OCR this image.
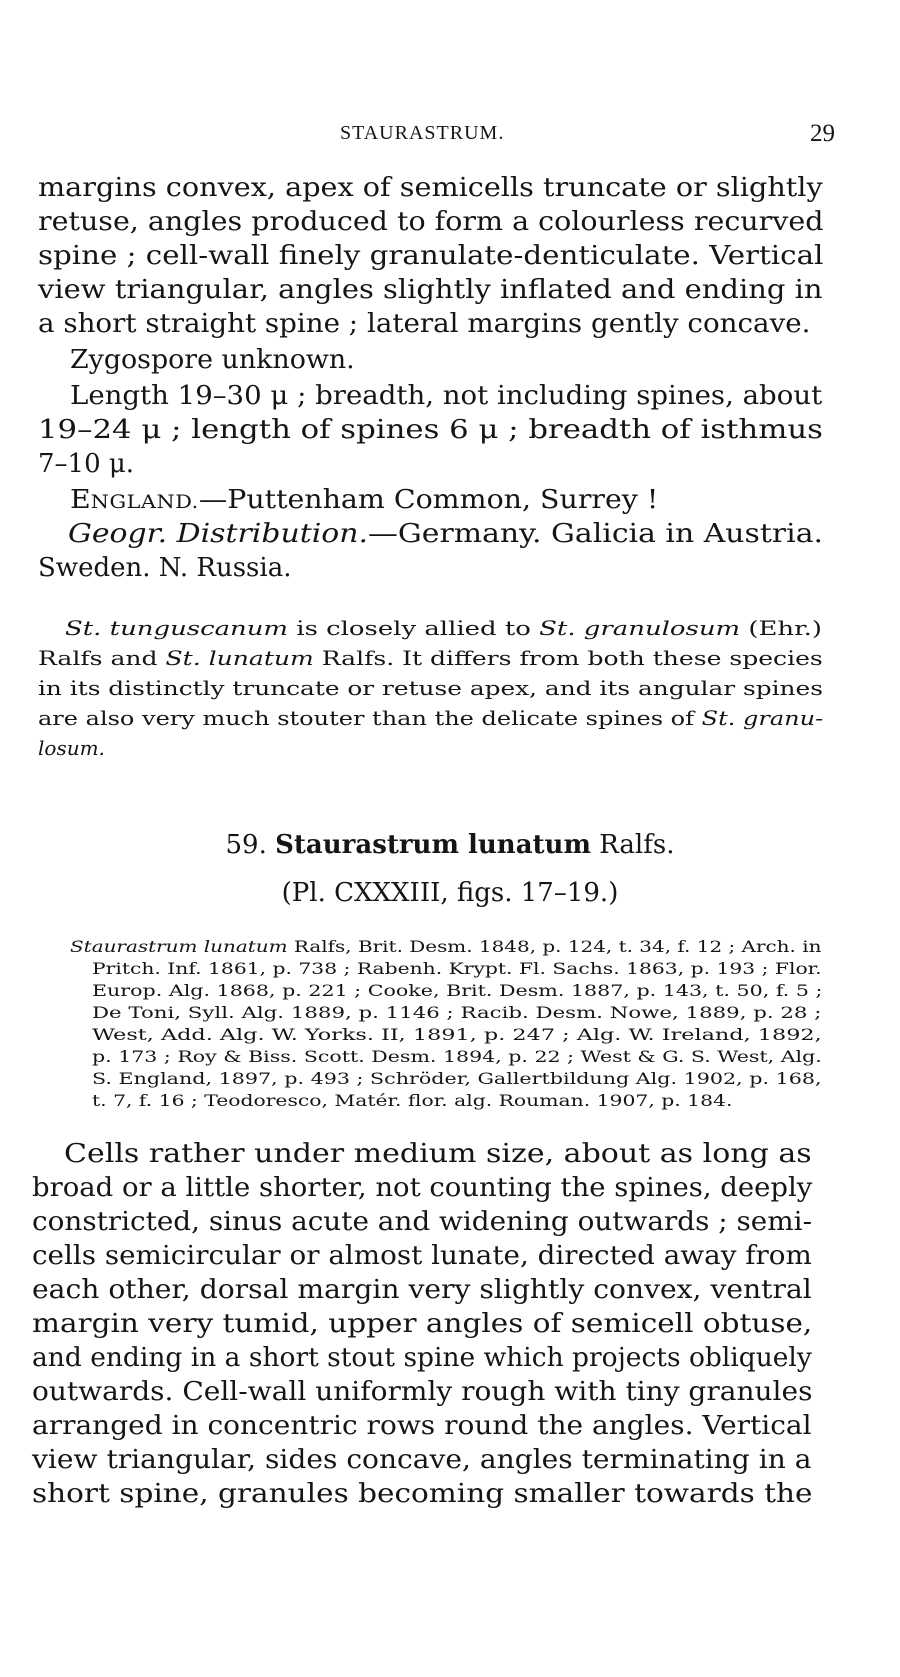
STAURASTRUM.	29
margins convex, apex of semicells truncate or slightly
retuse, angles produced to form a colourless recurved
spine ; cell-wall finely granulate-denticulate. Vertical
view triangular, angles slightly inflated and ending in
a short straight spine ; lateral margins gently concave.
Zygospore unknown.
Length 19–30 μ ; breadth, not including spines, about
19–24 μ ; length of spines 6 μ ; breadth of isthmus
7–10 μ.
ENGLAND.—Puttenham Common, Surrey !
Geogr. Distribution.—Germany. Galicia in Austria.
Sweden. N. Russia.
St. tunguscanum is closely allied to St. granulosum (Ehr.)
Ralfs and St. lunatum Ralfs. It differs from both these species
in its distinctly truncate or retuse apex, and its angular spines
are also very much stouter than the delicate spines of St. granu-
losum.
59. Staurastrum lunatum Ralfs.
(Pl. CXXXIII, figs. 17–19.)
Staurastrum lunatum Ralfs, Brit. Desm. 1848, p. 124, t. 34, f. 12 ; Arch. in
Pritch. Inf. 1861, p. 738 ; Rabenh. Krypt. Fl. Sachs. 1863, p. 193 ; Flor.
Europ. Alg. 1868, p. 221 ; Cooke, Brit. Desm. 1887, p. 143, t. 50, f. 5 ;
De Toni, Syll. Alg. 1889, p. 1146 ; Racib. Desm. Nowe, 1889, p. 28 ;
West, Add. Alg. W. Yorks. II, 1891, p. 247 ; Alg. W. Ireland, 1892,
p. 173 ; Roy & Biss. Scott. Desm. 1894, p. 22 ; West & G. S. West, Alg.
S. England, 1897, p. 493 ; Schröder, Gallertbildung Alg. 1902, p. 168,
t. 7, f. 16 ; Teodoresco, Matér. flor. alg. Rouman. 1907, p. 184.
Cells rather under medium size, about as long as
broad or a little shorter, not counting the spines, deeply
constricted, sinus acute and widening outwards ; semi-
cells semicircular or almost lunate, directed away from
each other, dorsal margin very slightly convex, ventral
margin very tumid, upper angles of semicell obtuse,
and ending in a short stout spine which projects obliquely
outwards. Cell-wall uniformly rough with tiny granules
arranged in concentric rows round the angles. Vertical
view triangular, sides concave, angles terminating in a
short spine, granules becoming smaller towards the
